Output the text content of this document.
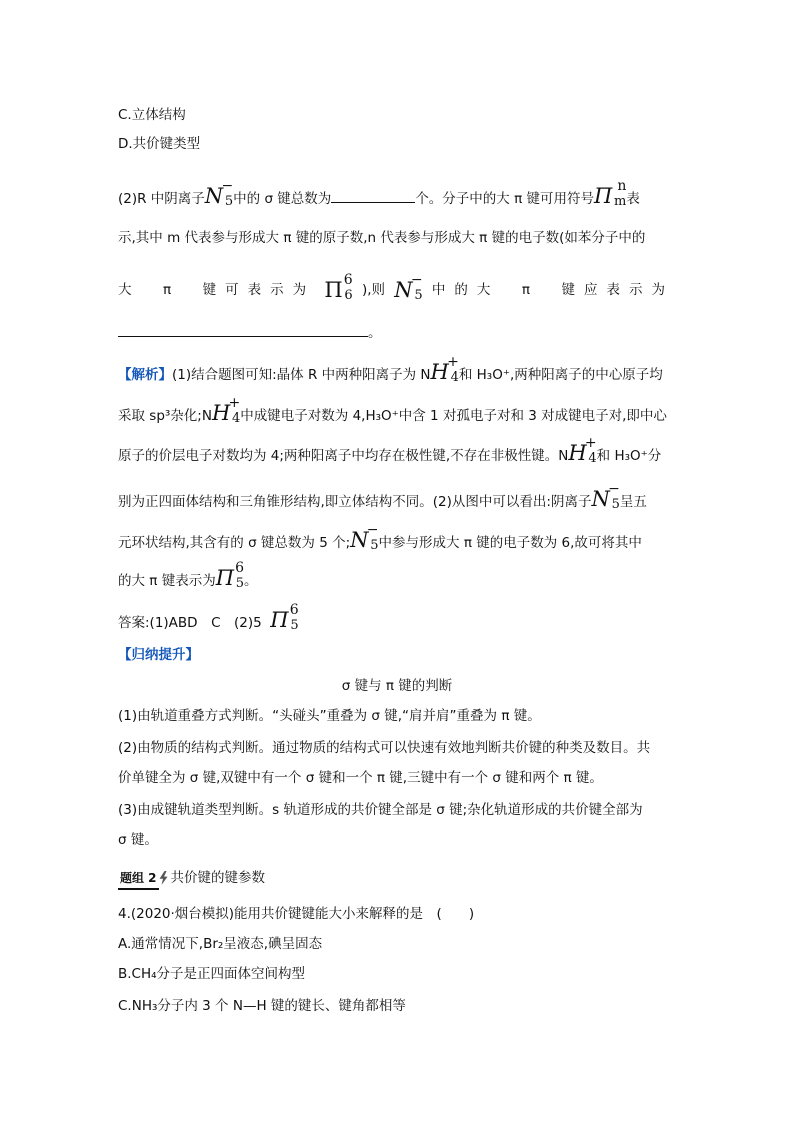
C.立体结构
D.共价键类型
(2)R 中阴离子N
−
5 中的 σ 键总数为	个。分子中的大 π 键可用符号Π n
m 表
示,其中 m 代表参与形成大 π 键的原子数,n 代表参与形成大 π 键的电子数(如苯分子中的
大　π　键可表示为 Π 6
6 ),则 N
−
5 中的大　π　键应表示为
。
【解析】(1)结合题图可知:晶体 R 中两种阳离子为 NH
+
4 和 H₃O⁺,两种阳离子的中心原子均
采取 sp³杂化;NH
+
4 中成键电子对数为 4,H₃O⁺中含 1 对孤电子对和 3 对成键电子对,即中心
原子的价层电子对数均为 4;两种阳离子中均存在极性键,不存在非极性键。NH
+
4 和 H₃O⁺分
别为正四面体结构和三角锥形结构,即立体结构不同。(2)从图中可以看出:阴离子N
−
5 呈五
元环状结构,其含有的 σ 键总数为 5 个;N
−
5 中参与形成大 π 键的电子数为 6,故可将其中
的大 π 键表示为Π 6
5 。
答案:(1)ABD　C　(2)5 Π 6
5
【归纳提升】
σ 键与 π 键的判断
(1)由轨道重叠方式判断。“头碰头”重叠为 σ 键,“肩并肩”重叠为 π 键。
(2)由物质的结构式判断。通过物质的结构式可以快速有效地判断共价键的种类及数目。共
价单键全为 σ 键,双键中有一个 σ 键和一个 π 键,三键中有一个 σ 键和两个 π 键。
(3)由成键轨道类型判断。s 轨道形成的共价键全部是 σ 键;杂化轨道形成的共价键全部为
σ 键。
题组 2 共价键的键参数
4.(2020·烟台模拟)能用共价键键能大小来解释的是　(　　)
A.通常情况下,Br₂呈液态,碘呈固态
B.CH₄分子是正四面体空间构型
C.NH₃分子内 3 个 N—H 键的键长、键角都相等
